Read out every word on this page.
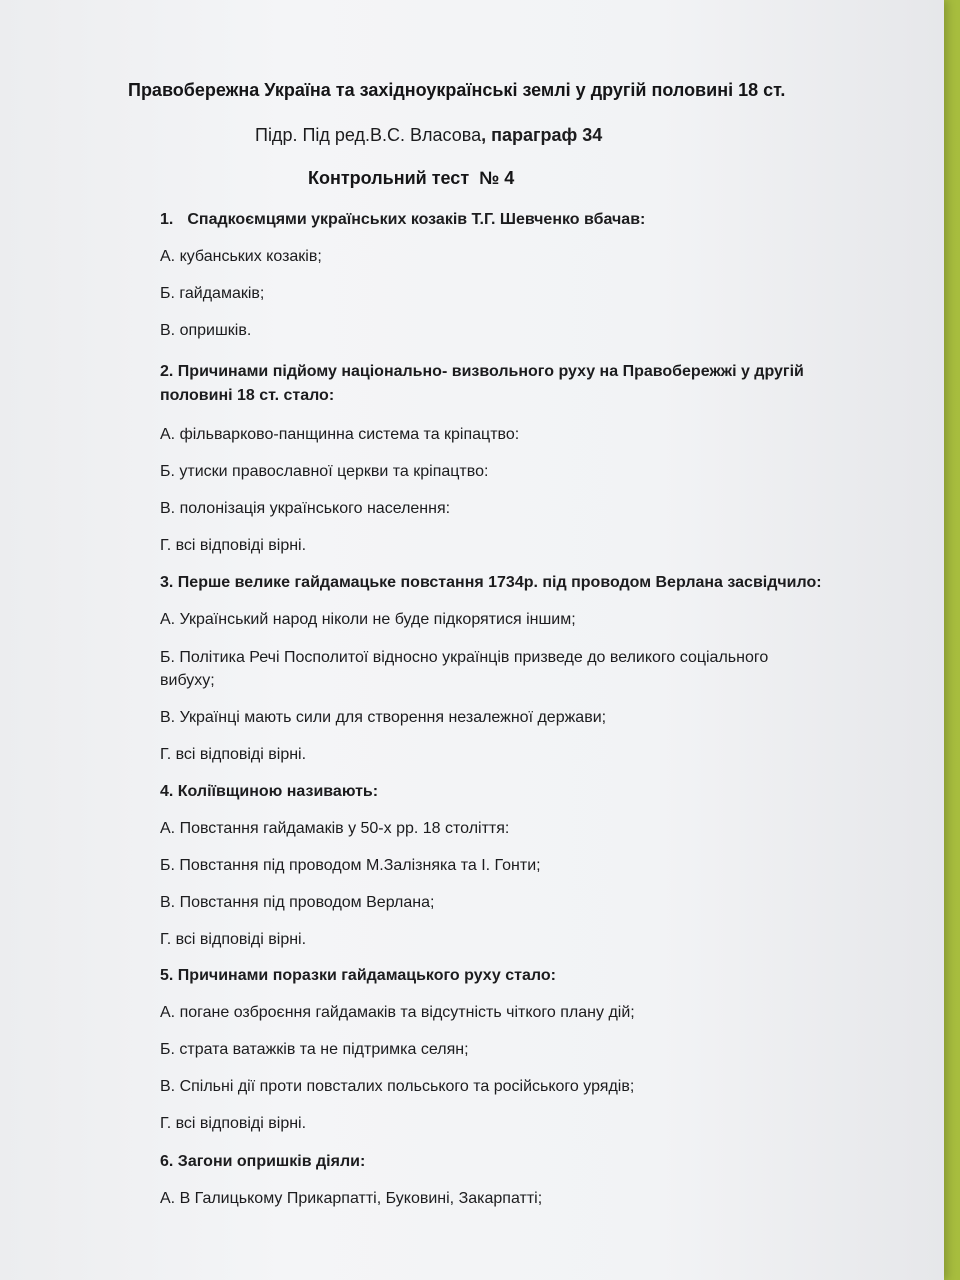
Правобережна Україна та західноукраїнські землі у другій половині 18 ст.

Підр. Під ред.В.С. Власова, параграф 34

Контрольний тест  № 4

1. Спадкоємцями українських козаків Т.Г. Шевченко вбачав:

А. кубанських козаків;

Б. гайдамаків;

В. опришків.

2. Причинами підйому національно- визвольного руху на Правобережжі у другій

половині 18 ст. стало:

А. фільварково-панщинна система та кріпацтво:

Б. утиски православної церкви та кріпацтво:

В. полонізація українського населення:

Г. всі відповіді вірні.

3. Перше велике гайдамацьке повстання 1734р. під проводом Верлана засвідчило:

А. Український народ ніколи не буде підкорятися іншим;

Б. Політика Речі Посполитої відносно українців призведе до великого соціального

вибуху;

В. Українці мають сили для створення незалежної держави;

Г. всі відповіді вірні.

4. Коліївщиною називають:

А. Повстання гайдамаків у 50-х рр. 18 століття:

Б. Повстання під проводом М.Залізняка та І. Гонти;

В. Повстання під проводом Верлана;

Г. всі відповіді вірні.

5. Причинами поразки гайдамацького руху стало:

А. погане озброєння гайдамаків та відсутність чіткого плану дій;

Б. страта ватажків та не підтримка селян;

В. Спільні дії проти повсталих польського та російського урядів;

Г. всі відповіді вірні.

6. Загони опришків діяли:

А. В Галицькому Прикарпатті, Буковині, Закарпатті;
